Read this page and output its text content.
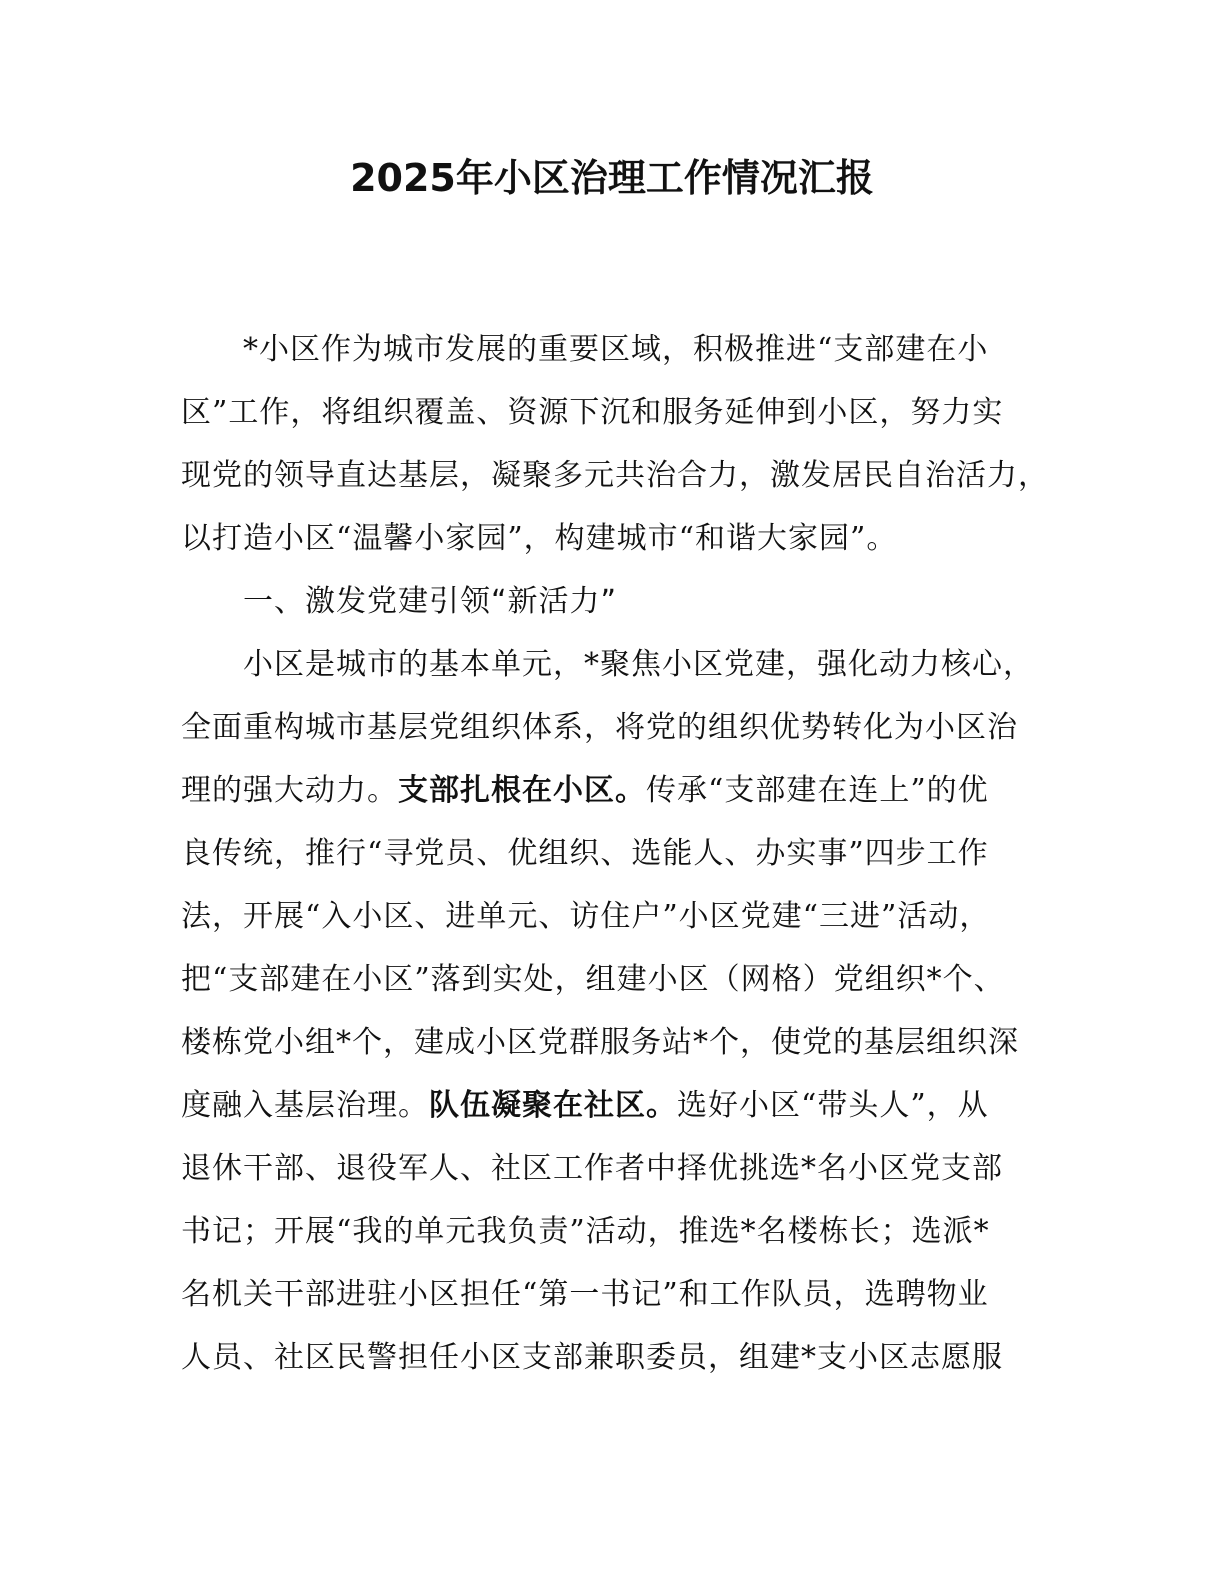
2025年小区治理工作情况汇报
*小区作为城市发展的重要区域，积极推进“支部建在小
区”工作，将组织覆盖、资源下沉和服务延伸到小区，努力实
现党的领导直达基层，凝聚多元共治合力，激发居民自治活力，
以打造小区“温馨小家园”，构建城市“和谐大家园”。
一、激发党建引领“新活力”
小区是城市的基本单元，*聚焦小区党建，强化动力核心，
全面重构城市基层党组织体系，将党的组织优势转化为小区治
理的强大动力。支部扎根在小区。传承“支部建在连上”的优
良传统，推行“寻党员、优组织、选能人、办实事”四步工作
法，开展“入小区、进单元、访住户”小区党建“三进”活动，
把“支部建在小区”落到实处，组建小区（网格）党组织*个、
楼栋党小组*个，建成小区党群服务站*个，使党的基层组织深
度融入基层治理。队伍凝聚在社区。选好小区“带头人”，从
退休干部、退役军人、社区工作者中择优挑选*名小区党支部
书记；开展“我的单元我负责”活动，推选*名楼栋长；选派*
名机关干部进驻小区担任“第一书记”和工作队员，选聘物业
人员、社区民警担任小区支部兼职委员，组建*支小区志愿服
